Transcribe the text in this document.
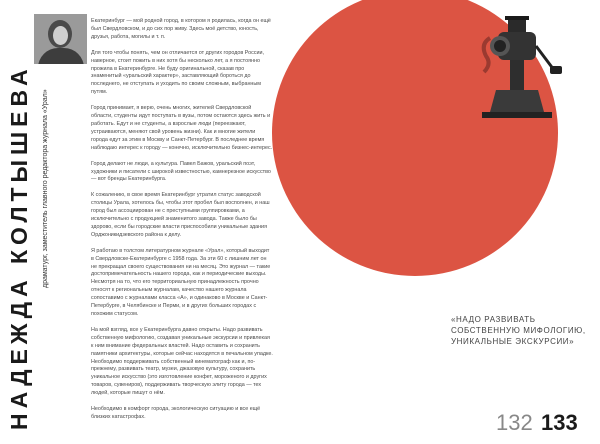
НАДЕЖДА КОЛТЫШЕВА драматург, заместитель главного редактора журнала «Урал»

Екатеринбург — мой родной город, в котором я родилась, когда он ещё был Свердловском, и до сих пор живу. Здесь моё детство, юность, друзья, работа, могилы и т. п.

Для того чтобы понять, чем он отличается от других городов России, наверное, стоит пожить в них хотя бы несколько лет, а я постоянно прожила в Екатеринбурге. Не буду оригинальной, сказав про знаменитый «уральский характер», заставляющий бороться до последнего, не отступать и уходить по своим сложным, выбранным путям.

Город принимает, я верю, очень многих, жителей Свердловской области, студенты идут поступать в вузы, потом остаются здесь жить и работать. Едут и не студенты, а взрослые люди (переезжают, устраиваются, меняют свой уровень жизни). Как и многие жители города едут за этим в Москву и Санкт-Петербург. В последнее время наблюдаю интерес к городу — конечно, исключительно бизнес-интерес.

Город делают не люди, а культура. Павел Бажов, уральский поэт, художники и писатели с широкой известностью, камнерезное искусство — вот бренды Екатеринбурга.

К сожалению, в свое время Екатеринбург утратил статус заводской столицы Урала, хотелось бы, чтобы этот пробел был восполнен, и наш город был ассоциирован не с преступными группировками, а исключительно с продукцией знаменитого завода. Также было бы здорово, если бы городские власти приспособили уникальные здания Орджоникидзевского района к делу.

Я работаю в толстом литературном журнале «Урал», который выходит в Свердловске-Екатеринбурге с 1958 года. За эти 60 с лишним лет он не прекращал своего существования ни на месяц. Это журнал — такие достопримечательность нашего города, как и периодические выходы. Несмотря на то, что его территориальную принадлежность прочно относят к региональным журналам, качество нашего журнала сопоставимо с журналами класса «А», и одинаково в Москве и Санкт-Петербурге, в Челябинске и Перми, и в других больших городах с похожим статусом.

На мой взгляд, все у Екатеринбурга давно открыты. Надо развивать собственную мифологию, создавая уникальные экскурсии и привлекая к ним внимание федеральных властей. Надо оставить и сохранить памятники архитектуры, которые сейчас находятся в печальном упадке. Необходимо поддерживать собственный кинематограф как и, по-прежнему, развивать театр, музеи, джазовую культуру, сохранить уникальное искусство (это изготовление конфет, мороженого и других товаров, сувениров), поддерживать творческую элиту города — тех людей, которые пишут о нём.

Необходимо в комфорт города, экологическую ситуацию и все ещё близких катастрофах.

«НАДО РАЗВИВАТЬ СОБСТВЕННУЮ МИФОЛОГИЮ, УНИКАЛЬНЫЕ ЭКСКУРСИИ»
132 133
